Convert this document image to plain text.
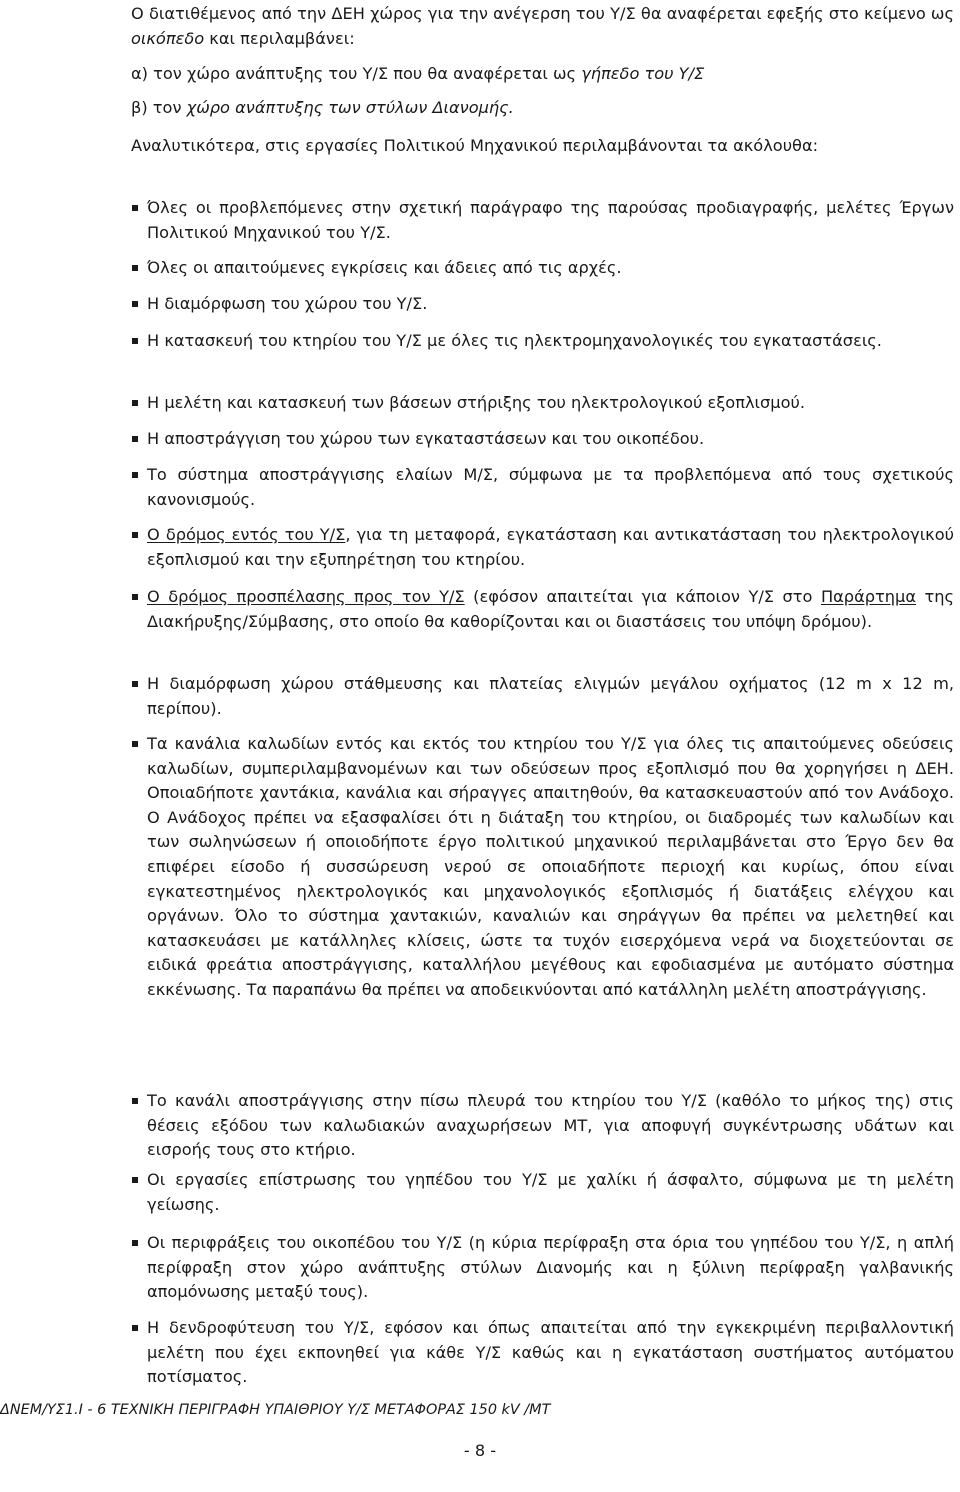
Ο διατιθέμενος από την ΔΕΗ χώρος για την ανέγερση του Υ/Σ θα αναφέρεται εφεξής στο κείμενο ως οικόπεδο και περιλαμβάνει:

α) τον χώρο ανάπτυξης του Υ/Σ που θα αναφέρεται ως γήπεδο του Υ/Σ

β) τον χώρο ανάπτυξης των στύλων Διανομής.

Αναλυτικότερα, στις εργασίες Πολιτικού Μηχανικού περιλαμβάνονται τα ακόλουθα:

Όλες οι προβλεπόμενες στην σχετική παράγραφο της παρούσας προδιαγραφής, μελέτες Έργων Πολιτικού Μηχανικού του Υ/Σ.
Όλες οι απαιτούμενες εγκρίσεις και άδειες από τις αρχές.
Η διαμόρφωση του χώρου του Υ/Σ.
Η κατασκευή του κτηρίου του Υ/Σ με όλες τις ηλεκτρομηχανολογικές του εγκαταστάσεις.
Η μελέτη και κατασκευή των βάσεων στήριξης του ηλεκτρολογικού εξοπλισμού.
Η αποστράγγιση του χώρου των εγκαταστάσεων και του οικοπέδου.
Το σύστημα αποστράγγισης ελαίων Μ/Σ, σύμφωνα με τα προβλεπόμενα από τους σχετικούς κανονισμούς.
Ο δρόμος εντός του Υ/Σ, για τη μεταφορά, εγκατάσταση και αντικατάσταση του ηλεκτρολογικού εξοπλισμού και την εξυπηρέτηση του κτηρίου.
Ο δρόμος προσπέλασης προς τον Υ/Σ (εφόσον απαιτείται για κάποιον Υ/Σ στο Παράρτημα της Διακήρυξης/Σύμβασης, στο οποίο θα καθορίζονται και οι διαστάσεις του υπόψη δρόμου).
Η διαμόρφωση χώρου στάθμευσης και πλατείας ελιγμών μεγάλου οχήματος (12 m x 12 m, περίπου).
Τα κανάλια καλωδίων εντός και εκτός του κτηρίου του Υ/Σ για όλες τις απαιτούμενες οδεύσεις καλωδίων, συμπεριλαμβανομένων και των οδεύσεων προς εξοπλισμό που θα χορηγήσει η ΔΕΗ. Οποιαδήποτε χαντάκια, κανάλια και σήραγγες απαιτηθούν, θα κατασκευαστούν από τον Ανάδοχο. Ο Ανάδοχος πρέπει να εξασφαλίσει ότι η διάταξη του κτηρίου, οι διαδρομές των καλωδίων και των σωληνώσεων ή οποιοδήποτε έργο πολιτικού μηχανικού περιλαμβάνεται στο Έργο δεν θα επιφέρει είσοδο ή συσσώρευση νερού σε οποιαδήποτε περιοχή και κυρίως, όπου είναι εγκατεστημένος ηλεκτρολογικός και μηχανολογικός εξοπλισμός ή διατάξεις ελέγχου και οργάνων. Όλο το σύστημα χαντακιών, καναλιών και σηράγγων θα πρέπει να μελετηθεί και κατασκευάσει με κατάλληλες κλίσεις, ώστε τα τυχόν εισερχόμενα νερά να διοχετεύονται σε ειδικά φρεάτια αποστράγγισης, καταλλήλου μεγέθους και εφοδιασμένα με αυτόματο σύστημα εκκένωσης. Τα παραπάνω θα πρέπει να αποδεικνύονται από κατάλληλη μελέτη αποστράγγισης.
Το κανάλι αποστράγγισης στην πίσω πλευρά του κτηρίου του Υ/Σ (καθόλο το μήκος της) στις θέσεις εξόδου των καλωδιακών αναχωρήσεων ΜΤ, για αποφυγή συγκέντρωσης υδάτων και εισροής τους στο κτήριο.
Οι εργασίες επίστρωσης του γηπέδου του Υ/Σ με χαλίκι ή άσφαλτο, σύμφωνα με τη μελέτη γείωσης.
Οι περιφράξεις του οικοπέδου του Υ/Σ (η κύρια περίφραξη στα όρια του γηπέδου του Υ/Σ, η απλή περίφραξη στον χώρο ανάπτυξης στύλων Διανομής και η ξύλινη περίφραξη γαλβανικής απομόνωσης μεταξύ τους).
Η δενδροφύτευση του Υ/Σ, εφόσον και όπως απαιτείται από την εγκεκριμένη περιβαλλοντική μελέτη που έχει εκπονηθεί για κάθε Υ/Σ καθώς και η εγκατάσταση συστήματος αυτόματου ποτίσματος.
ΔΝΕΜ/ΥΣ1.Ι - 6 ΤΕΧΝΙΚΗ ΠΕΡΙΓΡΑΦΗ ΥΠΑΙΘΡΙΟΥ Υ/Σ ΜΕΤΑΦΟΡΑΣ 150 kV /ΜΤ
- 8 -
